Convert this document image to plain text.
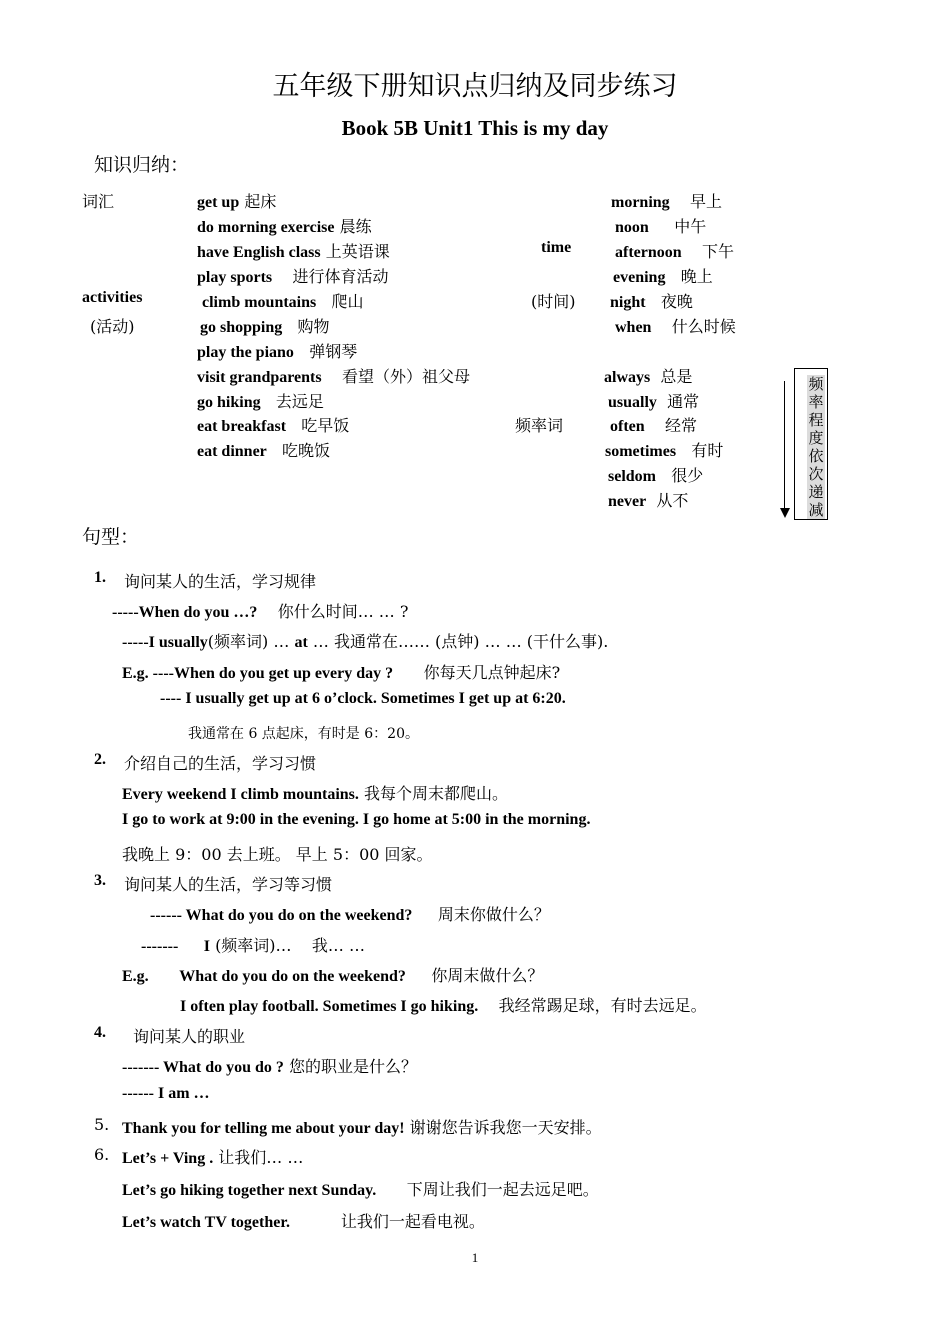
五年级下册知识点归纳及同步练习
Book 5B Unit1 This is my day
知识归纳：
词汇
activities
(活动)
time
(时间)
频率词
get up 起床
do morning exercise 晨练
have English class 上英语课
play sports 进行体育活动
climb mountains 爬山
go shopping 购物
play the piano 弹钢琴
visit grandparents 看望（外）祖父母
go hiking 去远足
eat breakfast 吃早饭
eat dinner 吃晚饭
morning 早上
noon 中午
afternoon 下午
evening 晚上
night 夜晚
when 什么时候
always 总是
usually 通常
often 经常
sometimes 有时
seldom 很少
never 从不
频率程度依次递减
句型：
1. 询问某人的生活，学习规律
-----When do you …? 你什么时间… … ?
-----I usually(频率词) … at … 我通常在…… (点钟) … … (干什么事).
E.g. ----When do you get up every day ? 你每天几点钟起床?
---- I usually get up at 6 o’clock. Sometimes I get up at 6:20.
我通常在 6 点起床，有时是 6：20。
2. 介绍自己的生活，学习习惯
Every weekend I climb mountains. 我每个周末都爬山。
I go to work at 9:00 in the evening. I go home at 5:00 in the morning.
我晚上 9：00 去上班。 早上 5：00 回家。
3. 询问某人的生活，学习等习惯
------ What do you do on the weekend? 周末你做什么？
------- I (频率词)… 我… …
E.g. What do you do on the weekend? 你周末做什么？
I often play football. Sometimes I go hiking. 我经常踢足球，有时去远足。
4. 询问某人的职业
------- What do you do ? 您的职业是什么？
------ I am …
5. Thank you for telling me about your day! 谢谢您告诉我您一天安排。
6. Let’s + Ving . 让我们… …
Let’s go hiking together next Sunday. 下周让我们一起去远足吧。
Let’s watch TV together.	让我们一起看电视。
1
